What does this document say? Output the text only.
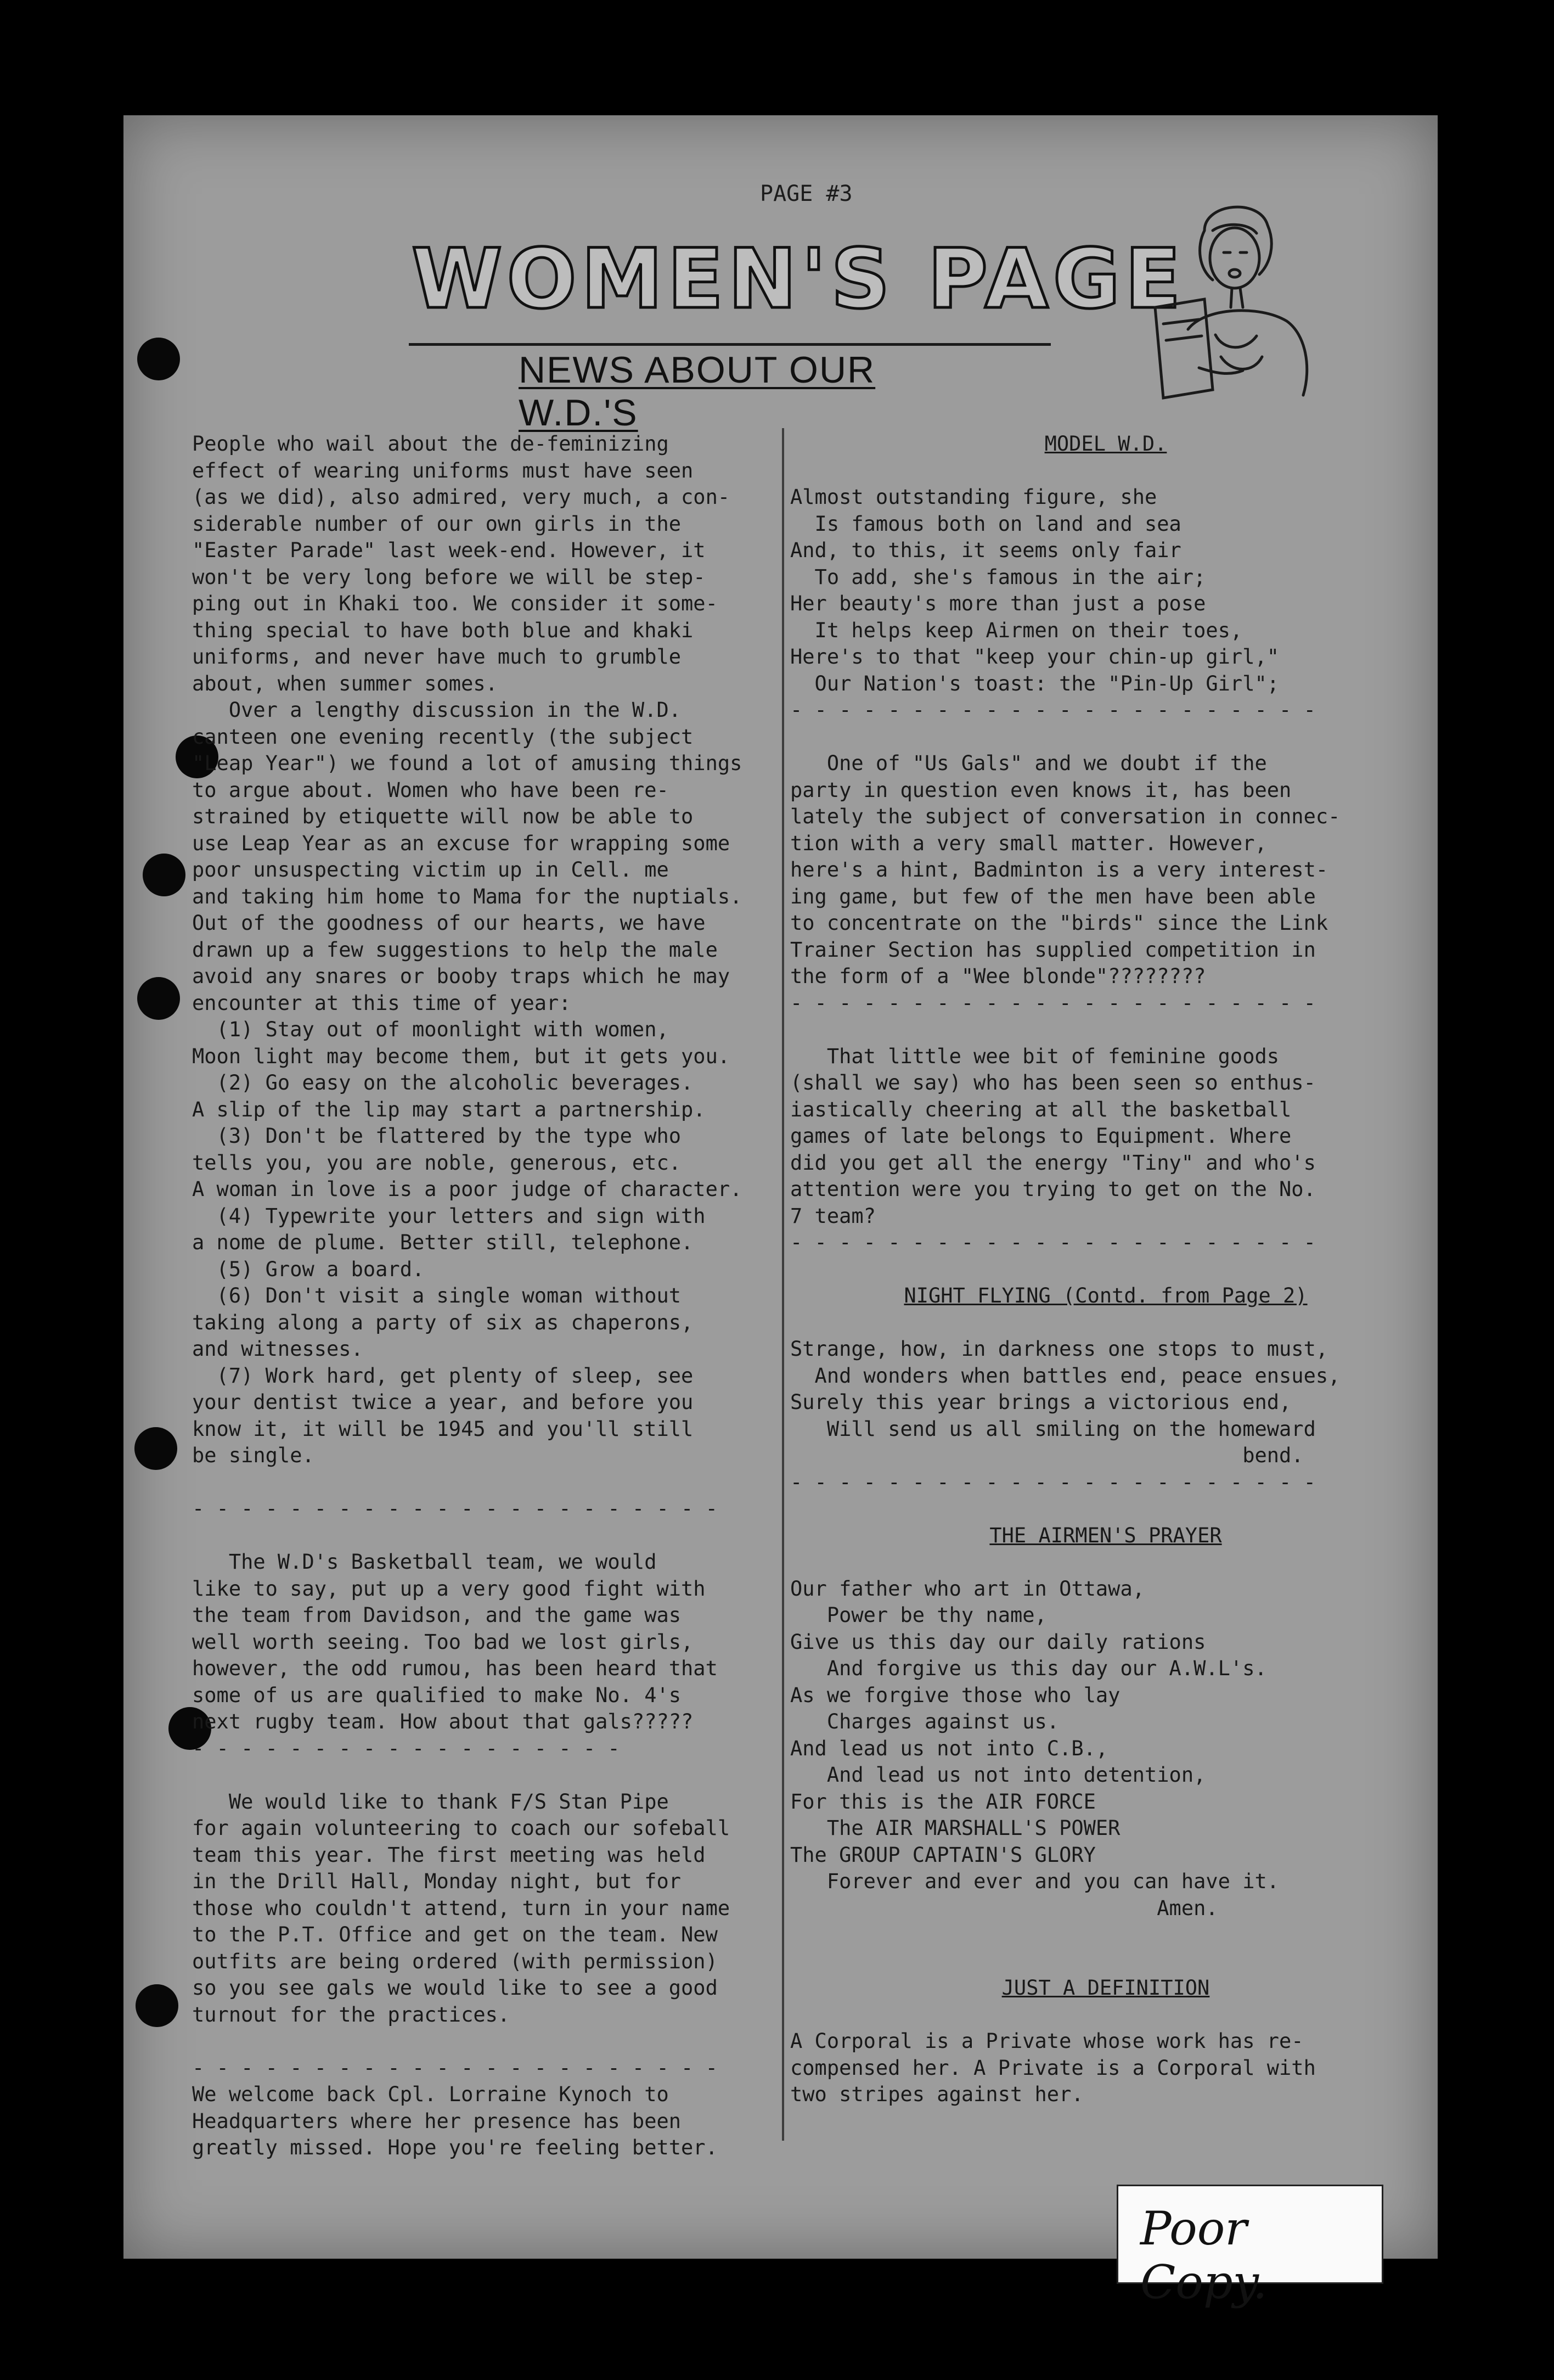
PAGE #3
WOMEN'S PAGE
NEWS ABOUT OUR W.D.'S
People who wail about the de-feminizing
effect of wearing uniforms must have seen
(as we did), also admired, very much, a con-
siderable number of our own girls in the
"Easter Parade" last week-end. However, it
won't be very long before we will be step-
ping out in Khaki too. We consider it some-
thing special to have both blue and khaki
uniforms, and never have much to grumble
about, when summer somes.
Over a lengthy discussion in the W.D.
canteen one evening recently (the subject
"Leap Year") we found a lot of amusing things
to argue about. Women who have been re-
strained by etiquette will now be able to
use Leap Year as an excuse for wrapping some
poor unsuspecting victim up in Cell. me
and taking him home to Mama for the nuptials.
Out of the goodness of our hearts, we have
drawn up a few suggestions to help the male
avoid any snares or booby traps which he may
encounter at this time of year:
(1) Stay out of moonlight with women,
Moon light may become them, but it gets you.
(2) Go easy on the alcoholic beverages.
A slip of the lip may start a partnership.
(3) Don't be flattered by the type who
tells you, you are noble, generous, etc.
A woman in love is a poor judge of character.
(4) Typewrite your letters and sign with
a nome de plume. Better still, telephone.
(5) Grow a board.
(6) Don't visit a single woman without
taking along a party of six as chaperons,
and witnesses.
(7) Work hard, get plenty of sleep, see
your dentist twice a year, and before you
know it, it will be 1945 and you'll still
be single.
- - - - - - - - - - - - - - - - - - - - - -
The W.D's Basketball team, we would
like to say, put up a very good fight with
the team from Davidson, and the game was
well worth seeing. Too bad we lost girls,
however, the odd rumou, has been heard that
some of us are qualified to make No. 4's
next rugby team. How about that gals?????
- - - - - - - - - - - - - - - - - -
We would like to thank F/S Stan Pipe
for again volunteering to coach our sofeball
team this year. The first meeting was held
in the Drill Hall, Monday night, but for
those who couldn't attend, turn in your name
to the P.T. Office and get on the team. New
outfits are being ordered (with permission)
so you see gals we would like to see a good
turnout for the practices.
- - - - - - - - - - - - - - - - - - - - - -
We welcome back Cpl. Lorraine Kynoch to
Headquarters where her presence has been
greatly missed. Hope you're feeling better.
MODEL W.D.
Almost outstanding figure, she
Is famous both on land and sea
And, to this, it seems only fair
To add, she's famous in the air;
Her beauty's more than just a pose
It helps keep Airmen on their toes,
Here's to that "keep your chin-up girl,"
Our Nation's toast: the "Pin-Up Girl";
- - - - - - - - - - - - - - - - - - - - - -
One of "Us Gals" and we doubt if the
party in question even knows it, has been
lately the subject of conversation in connec-
tion with a very small matter. However,
here's a hint, Badminton is a very interest-
ing game, but few of the men have been able
to concentrate on the "birds" since the Link
Trainer Section has supplied competition in
the form of a "Wee blonde"????????
- - - - - - - - - - - - - - - - - - - - - -
That little wee bit of feminine goods
(shall we say) who has been seen so enthus-
iastically cheering at all the basketball
games of late belongs to Equipment. Where
did you get all the energy "Tiny" and who's
attention were you trying to get on the No.
7 team?
- - - - - - - - - - - - - - - - - - - - - -
NIGHT FLYING (Contd. from Page 2)
Strange, how, in darkness one stops to must,
And wonders when battles end, peace ensues,
Surely this year brings a victorious end,
Will send us all smiling on the homeward
bend.
- - - - - - - - - - - - - - - - - - - - - -
THE AIRMEN'S PRAYER
Our father who art in Ottawa,
Power be thy name,
Give us this day our daily rations
And forgive us this day our A.W.L's.
As we forgive those who lay
Charges against us.
And lead us not into C.B.,
And lead us not into detention,
For this is the AIR FORCE
The AIR MARSHALL'S POWER
The GROUP CAPTAIN'S GLORY
Forever and ever and you can have it.
Amen.
JUST A DEFINITION
A Corporal is a Private whose work has re-
compensed her. A Private is a Corporal with
two stripes against her.
Poor Copy.
